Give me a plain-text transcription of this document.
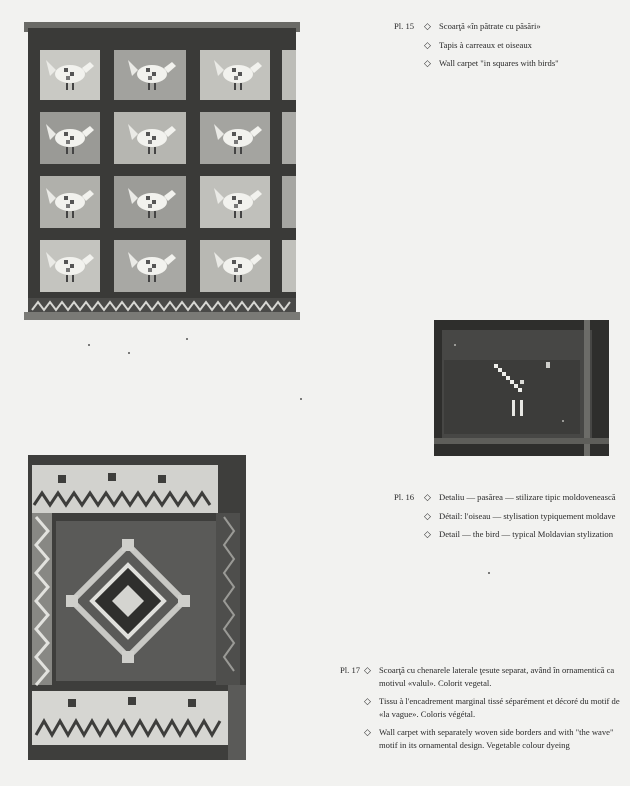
Pl. 15 ◇ Scoarţă «în pătrate cu păsări»
◇ Tapis à carreaux et oiseaux
◇ Wall carpet "in squares with birds"
Pl. 16 ◇ Detaliu — pasărea — stilizare tipic moldovenească
◇ Détail: l'oiseau — stylisation typiquement moldave
◇ Detail — the bird — typical Moldavian stylization
Pl. 17 ◇ Scoarţă cu chenarele laterale ţesute separat, având în ornamentică ca motivul «valul». Colorit vegetal.
◇ Tissu à l'encadrement marginal tissé séparément et décoré du motif de «la vague». Coloris végétal.
◇ Wall carpet with separately woven side borders and with "the wave" motif in its ornamental design. Vegetable colour dyeing
